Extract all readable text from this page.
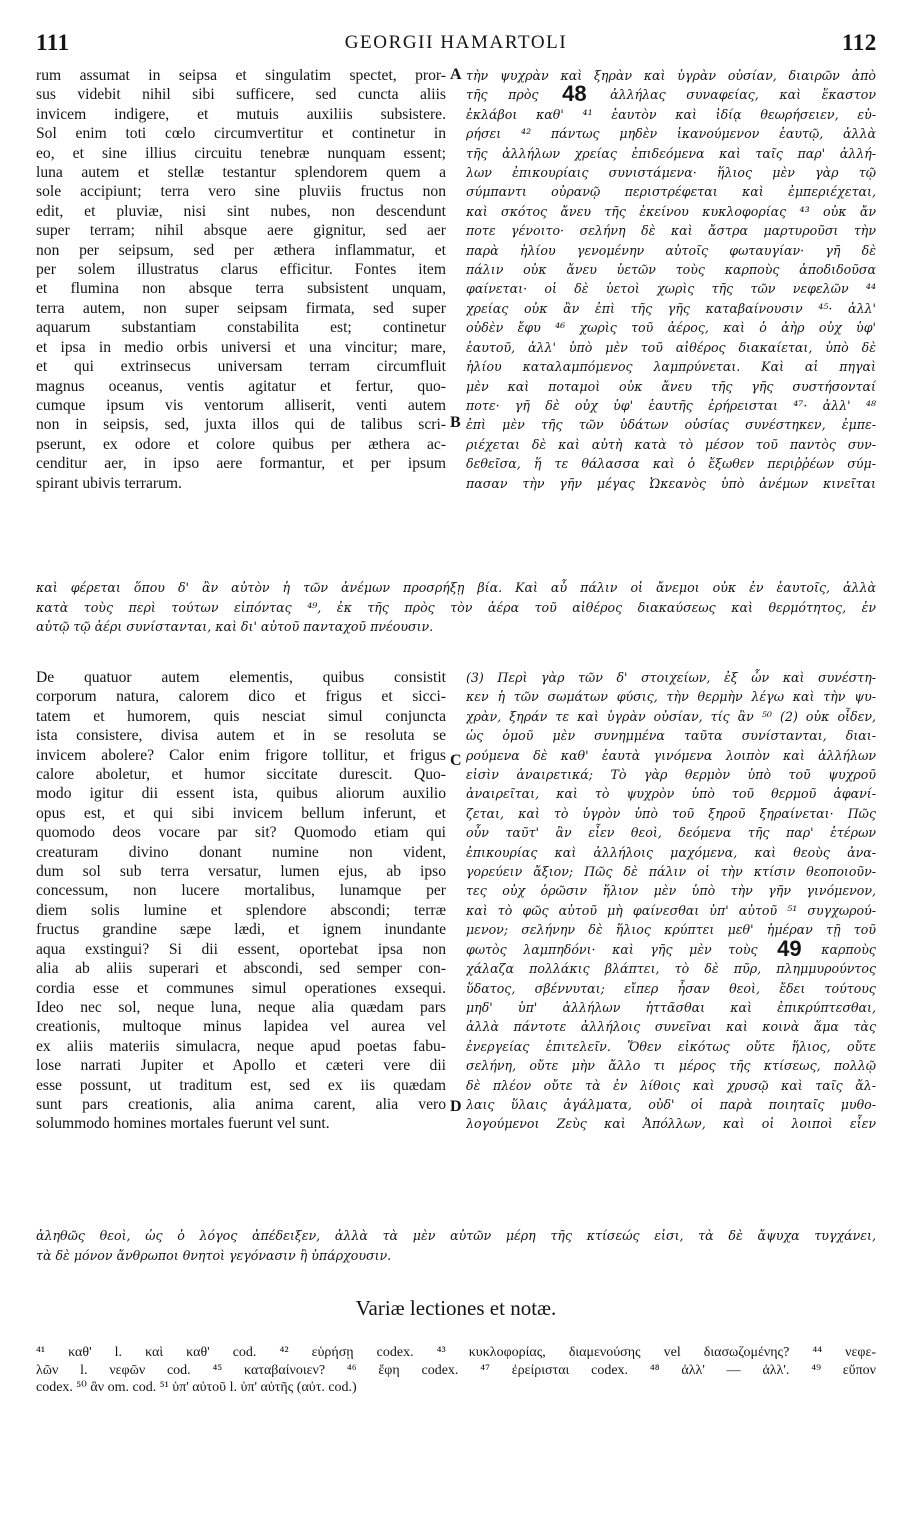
111	GEORGII HAMARTOLI	112

rum assumat in seipsa et singulatim spectet, pror-

sus videbit nihil sibi sufficere, sed cuncta aliis

invicem indigere, et mutuis auxiliis subsistere.

Sol enim toti cœlo circumvertitur et continetur in

eo, et sine illius circuitu tenebræ nunquam essent;

luna autem et stellæ testantur splendorem quem a

sole accipiunt; terra vero sine pluviis fructus non

edit, et pluviæ, nisi sint nubes, non descendunt

super terram; nihil absque aere gignitur, sed aer

non per seipsum, sed per æthera inflammatur, et

per solem illustratus clarus efficitur. Fontes item

et flumina non absque terra subsistent unquam,

terra autem, non super seipsam firmata, sed super

aquarum substantiam constabilita est; continetur

et ipsa in medio orbis universi et una vincitur; mare,

et qui extrinsecus universam terram circumfluit

magnus oceanus, ventis agitatur et fertur, quo-

cumque ipsum vis ventorum alliserit, venti autem

non in seipsis, sed, juxta illos qui de talibus scri-

pserunt, ex odore et colore quibus per æthera ac-

cenditur aer, in ipso aere formantur, et per ipsum

spirant ubivis terrarum.

A
B

τὴν ψυχρὰν καὶ ξηρὰν καὶ ὑγρὰν οὐσίαν, διαιρῶν ἀπὸ

τῆς πρὸς 48 ἀλλήλας συναφείας, καὶ ἕκαστον

ἐκλάβοι καθ' ⁴¹ ἑαυτὸν καὶ ἰδίᾳ θεωρήσειεν, εὑ-

ρήσει ⁴² πάντως μηδὲν ἱκανούμενον ἑαυτῷ, ἀλλὰ

τῆς ἀλλήλων χρείας ἐπιδεόμενα καὶ ταῖς παρ' ἀλλή-

λων ἐπικουρίαις συνιστάμενα· ἥλιος μὲν γὰρ τῷ

σύμπαντι οὐρανῷ περιστρέφεται καὶ ἐμπεριέχεται,

καὶ σκότος ἄνευ τῆς ἐκείνου κυκλοφορίας ⁴³ οὐκ ἄν

ποτε γένοιτο· σελήνη δὲ καὶ ἄστρα μαρτυροῦσι τὴν

παρὰ ἡλίου γενομένην αὐτοῖς φωταυγίαν· γῆ δὲ

πάλιν οὐκ ἄνευ ὑετῶν τοὺς καρποὺς ἀποδιδοῦσα

φαίνεται· οἱ δὲ ὑετοὶ χωρὶς τῆς τῶν νεφελῶν ⁴⁴

χρείας οὐκ ἂν ἐπὶ τῆς γῆς καταβαίνουσιν ⁴⁵· ἀλλ'

οὐδὲν ἔφυ ⁴⁶ χωρὶς τοῦ ἀέρος, καὶ ὁ ἀὴρ οὐχ ὑφ'

ἑαυτοῦ, ἀλλ' ὑπὸ μὲν τοῦ αἰθέρος διακαίεται, ὑπὸ δὲ

ἡλίου καταλαμπόμενος λαμπρύνεται. Καὶ αἱ πηγαὶ

μὲν καὶ ποταμοὶ οὐκ ἄνευ τῆς γῆς συστήσονταί

ποτε· γῆ δὲ οὐχ ὑφ' ἑαυτῆς ἐρήρεισται ⁴⁷· ἀλλ' ⁴⁸

ἐπὶ μὲν τῆς τῶν ὑδάτων οὐσίας συνέστηκεν, ἐμπε-

ριέχεται δὲ καὶ αὐτὴ κατὰ τὸ μέσον τοῦ παντὸς συν-

δεθεῖσα, ἥ τε θάλασσα καὶ ὁ ἔξωθεν περιῤῥέων σύμ-

πασαν τὴν γῆν μέγας Ὠκεανὸς ὑπὸ ἀνέμων κινεῖται

καὶ φέρεται ὅπου δ' ἂν αὐτὸν ἡ τῶν ἀνέμων προσρήξῃ βία. Καὶ αὖ πάλιν οἱ ἄνεμοι οὐκ ἐν ἑαυτοῖς, ἀλλὰ

κατὰ τοὺς περὶ τούτων εἰπόντας ⁴⁹, ἐκ τῆς πρὸς τὸν ἀέρα τοῦ αἰθέρος διακαύσεως καὶ θερμότητος, ἐν

αὐτῷ τῷ ἀέρι συνίστανται, καὶ δι' αὐτοῦ πανταχοῦ πνέουσιν.

De quatuor autem elementis, quibus consistit

corporum natura, calorem dico et frigus et sicci-

tatem et humorem, quis nesciat simul conjuncta

ista consistere, divisa autem et in se resoluta se

invicem abolere? Calor enim frigore tollitur, et frigus

calore aboletur, et humor siccitate durescit. Quo-

modo igitur dii essent ista, quibus aliorum auxilio

opus est, et qui sibi invicem bellum inferunt, et

quomodo deos vocare par sit? Quomodo etiam qui

creaturam divino donant numine non vident,

dum sol sub terra versatur, lumen ejus, ab ipso

concessum, non lucere mortalibus, lunamque per

diem solis lumine et splendore abscondi; terræ

fructus grandine sæpe lædi, et ignem inundante

aqua exstingui? Si dii essent, oportebat ipsa non

alia ab aliis superari et abscondi, sed semper con-

cordia esse et communes simul operationes exsequi.

Ideo nec sol, neque luna, neque alia quædam pars

creationis, multoque minus lapidea vel aurea vel

ex aliis materiis simulacra, neque apud poetas fabu-

lose narrati Jupiter et Apollo et cæteri vere dii

esse possunt, ut traditum est, sed ex iis quædam

sunt pars creationis, alia anima carent, alia vero

solummodo homines mortales fuerunt vel sunt.

C
D

(3) Περὶ γὰρ τῶν δ' στοιχείων, ἐξ ὧν καὶ συνέστη-

κεν ἡ τῶν σωμάτων φύσις, τὴν θερμὴν λέγω καὶ τὴν ψυ-

χρὰν, ξηράν τε καὶ ὑγρὰν οὐσίαν, τίς ἂν ⁵⁰ (2) οὐκ οἶδεν,

ὡς ὁμοῦ μὲν συνημμένα ταῦτα συνίστανται, διαι-

ρούμενα δὲ καθ' ἑαυτὰ γινόμενα λοιπὸν καὶ ἀλλήλων

εἰσὶν ἀναιρετικά; Τὸ γὰρ θερμὸν ὑπὸ τοῦ ψυχροῦ

ἀναιρεῖται, καὶ τὸ ψυχρὸν ὑπὸ τοῦ θερμοῦ ἀφανί-

ζεται, καὶ τὸ ὑγρὸν ὑπὸ τοῦ ξηροῦ ξηραίνεται· Πῶς

οὖν ταῦτ' ἂν εἶεν θεοὶ, δεόμενα τῆς παρ' ἑτέρων

ἐπικουρίας καὶ ἀλλήλοις μαχόμενα, καὶ θεοὺς ἀνα-

γορεύειν ἄξιον; Πῶς δὲ πάλιν οἱ τὴν κτίσιν θεοποιοῦν-

τες οὐχ ὁρῶσιν ἥλιον μὲν ὑπὸ τὴν γῆν γινόμενον,

καὶ τὸ φῶς αὐτοῦ μὴ φαίνεσθαι ὑπ' αὐτοῦ ⁵¹ συγχωρού-

μενον; σελήνην δὲ ἥλιος κρύπτει μεθ' ἡμέραν τῇ τοῦ

φωτὸς λαμπηδόνι· καὶ γῆς μὲν τοὺς 49 καρποὺς

χάλαζα πολλάκις βλάπτει, τὸ δὲ πῦρ, πλημμυρούντος

ὕδατος, σβέννυται; εἴπερ ἦσαν θεοὶ, ἔδει τούτους

μηδ' ὑπ' ἀλλήλων ἡττᾶσθαι καὶ ἐπικρύπτεσθαι,

ἀλλὰ πάντοτε ἀλλήλοις συνεῖναι καὶ κοινὰ ἅμα τὰς

ἐνεργείας ἐπιτελεῖν. Ὅθεν εἰκότως οὔτε ἥλιος, οὔτε

σελήνη, οὔτε μὴν ἄλλο τι μέρος τῆς κτίσεως, πολλῷ

δὲ πλέον οὔτε τὰ ἐν λίθοις καὶ χρυσῷ καὶ ταῖς ἄλ-

λαις ὕλαις ἀγάλματα, οὐδ' οἱ παρὰ ποιηταῖς μυθο-

λογούμενοι Ζεὺς καὶ Ἀπόλλων, καὶ οἱ λοιποὶ εἶεν

ἀληθῶς θεοὶ, ὡς ὁ λόγος ἀπέδειξεν, ἀλλὰ τὰ μὲν αὐτῶν μέρη τῆς κτίσεώς εἰσι, τὰ δὲ ἄψυχα τυγχάνει,

τὰ δὲ μόνον ἄνθρωποι θνητοὶ γεγόνασιν ἢ ὑπάρχουσιν.

Variæ lectiones et notæ.

⁴¹ καθ' l. καὶ καθ' cod. ⁴² εὑρήσῃ codex. ⁴³ κυκλοφορίας, διαμενούσης vel διασωζομένης? ⁴⁴ νεφε-

λῶν l. νεφῶν cod. ⁴⁵ καταβαίνοιεν? ⁴⁶ ἔφη codex. ⁴⁷ ἐρείρισται codex. ⁴⁸ ἀλλ' — ἀλλ'. ⁴⁹ εὔπον

codex. ⁵⁰ ἂν om. cod. ⁵¹ ὑπ' αὐτοῦ l. ὑπ' αὐτῆς (αὐτ. cod.)
